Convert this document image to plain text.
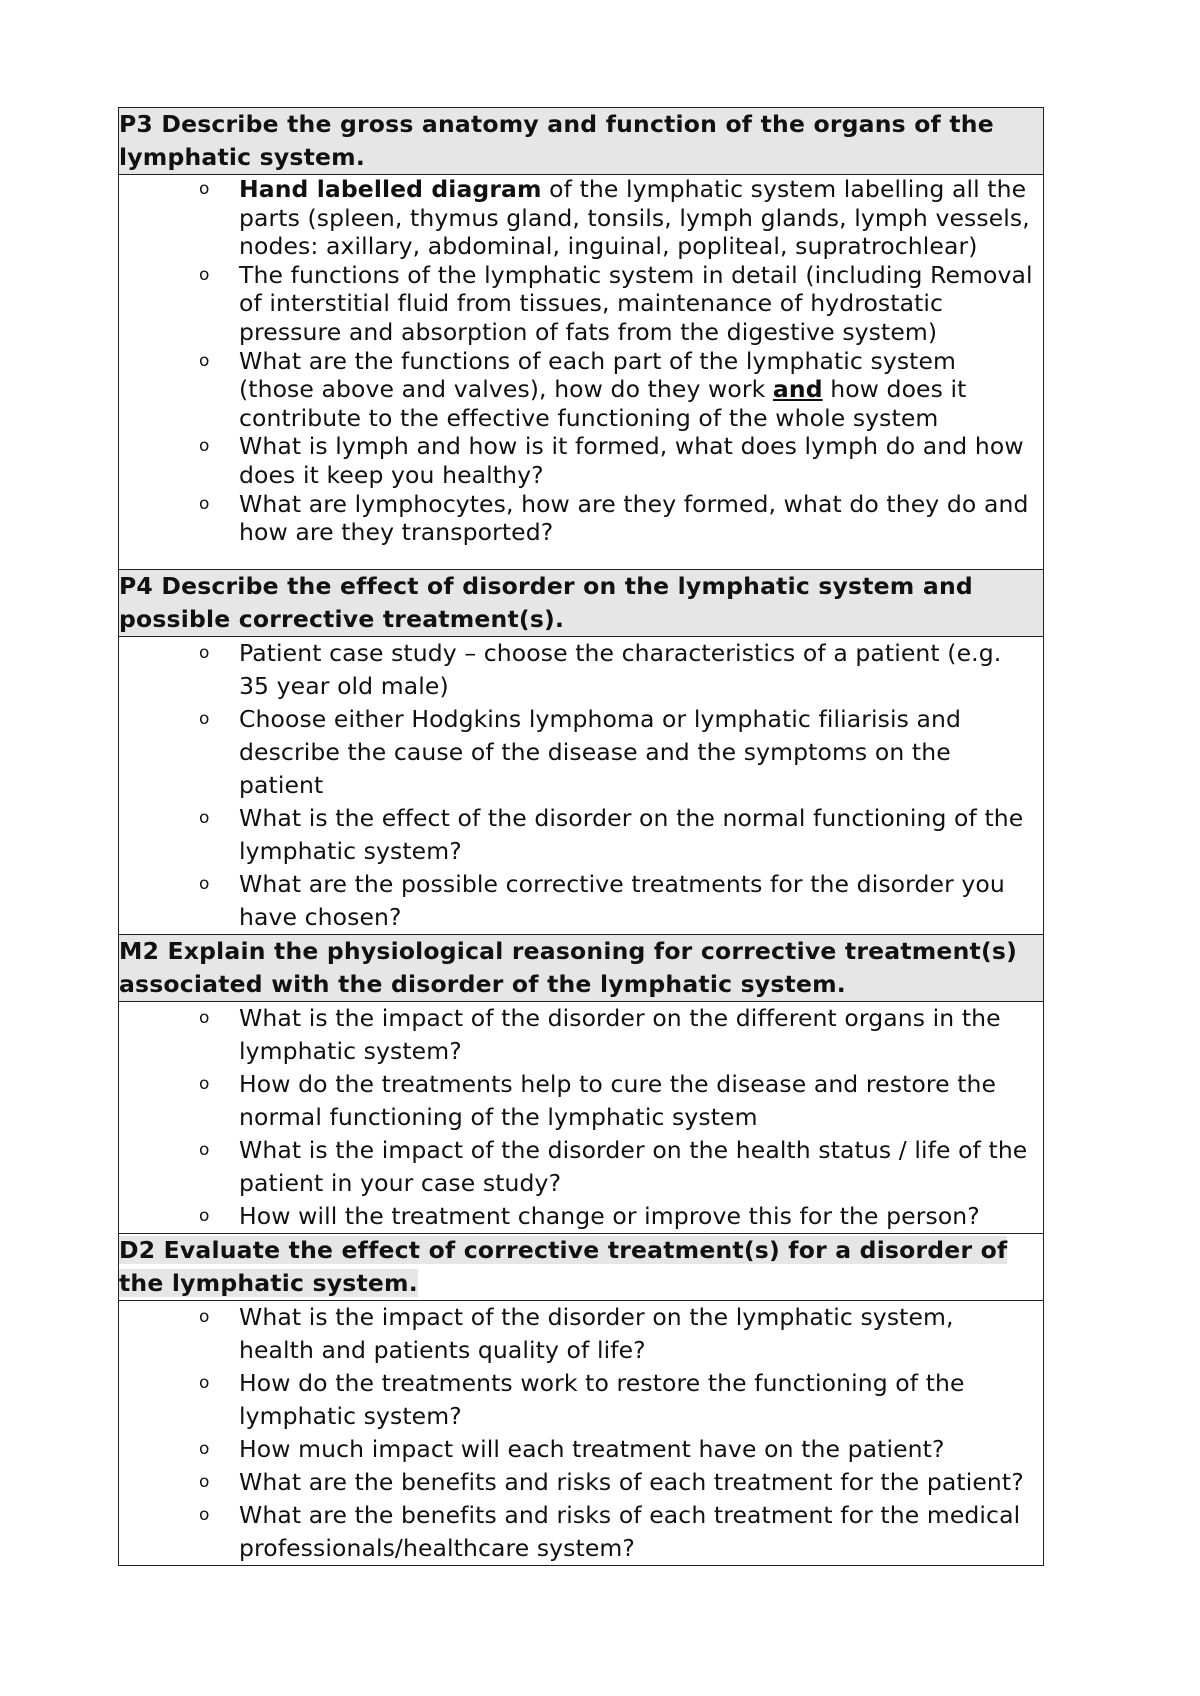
P3 Describe the gross anatomy and function of the organs of the lymphatic system.

o Hand labelled diagram of the lymphatic system labelling all the parts (spleen, thymus gland, tonsils, lymph glands, lymph vessels, nodes: axillary, abdominal, inguinal, popliteal, supratrochlear)
o The functions of the lymphatic system in detail (including Removal of interstitial fluid from tissues, maintenance of hydrostatic pressure and absorption of fats from the digestive system)
o What are the functions of each part of the lymphatic system (those above and valves), how do they work and how does it contribute to the effective functioning of the whole system
o What is lymph and how is it formed, what does lymph do and how does it keep you healthy?
o What are lymphocytes, how are they formed, what do they do and how are they transported?

P4 Describe the effect of disorder on the lymphatic system and possible corrective treatment(s).

o Patient case study – choose the characteristics of a patient (e.g. 35 year old male)
o Choose either Hodgkins lymphoma or lymphatic filiarisis and describe the cause of the disease and the symptoms on the patient
o What is the effect of the disorder on the normal functioning of the lymphatic system?
o What are the possible corrective treatments for the disorder you have chosen?

M2 Explain the physiological reasoning for corrective treatment(s) associated with the disorder of the lymphatic system.

o What is the impact of the disorder on the different organs in the lymphatic system?
o How do the treatments help to cure the disease and restore the normal functioning of the lymphatic system
o What is the impact of the disorder on the health status / life of the patient in your case study?
o How will the treatment change or improve this for the person?

D2 Evaluate the effect of corrective treatment(s) for a disorder of the lymphatic system.

o What is the impact of the disorder on the lymphatic system, health and patients quality of life?
o How do the treatments work to restore the functioning of the lymphatic system?
o How much impact will each treatment have on the patient?
o What are the benefits and risks of each treatment for the patient?
o What are the benefits and risks of each treatment for the medical professionals/healthcare system?
